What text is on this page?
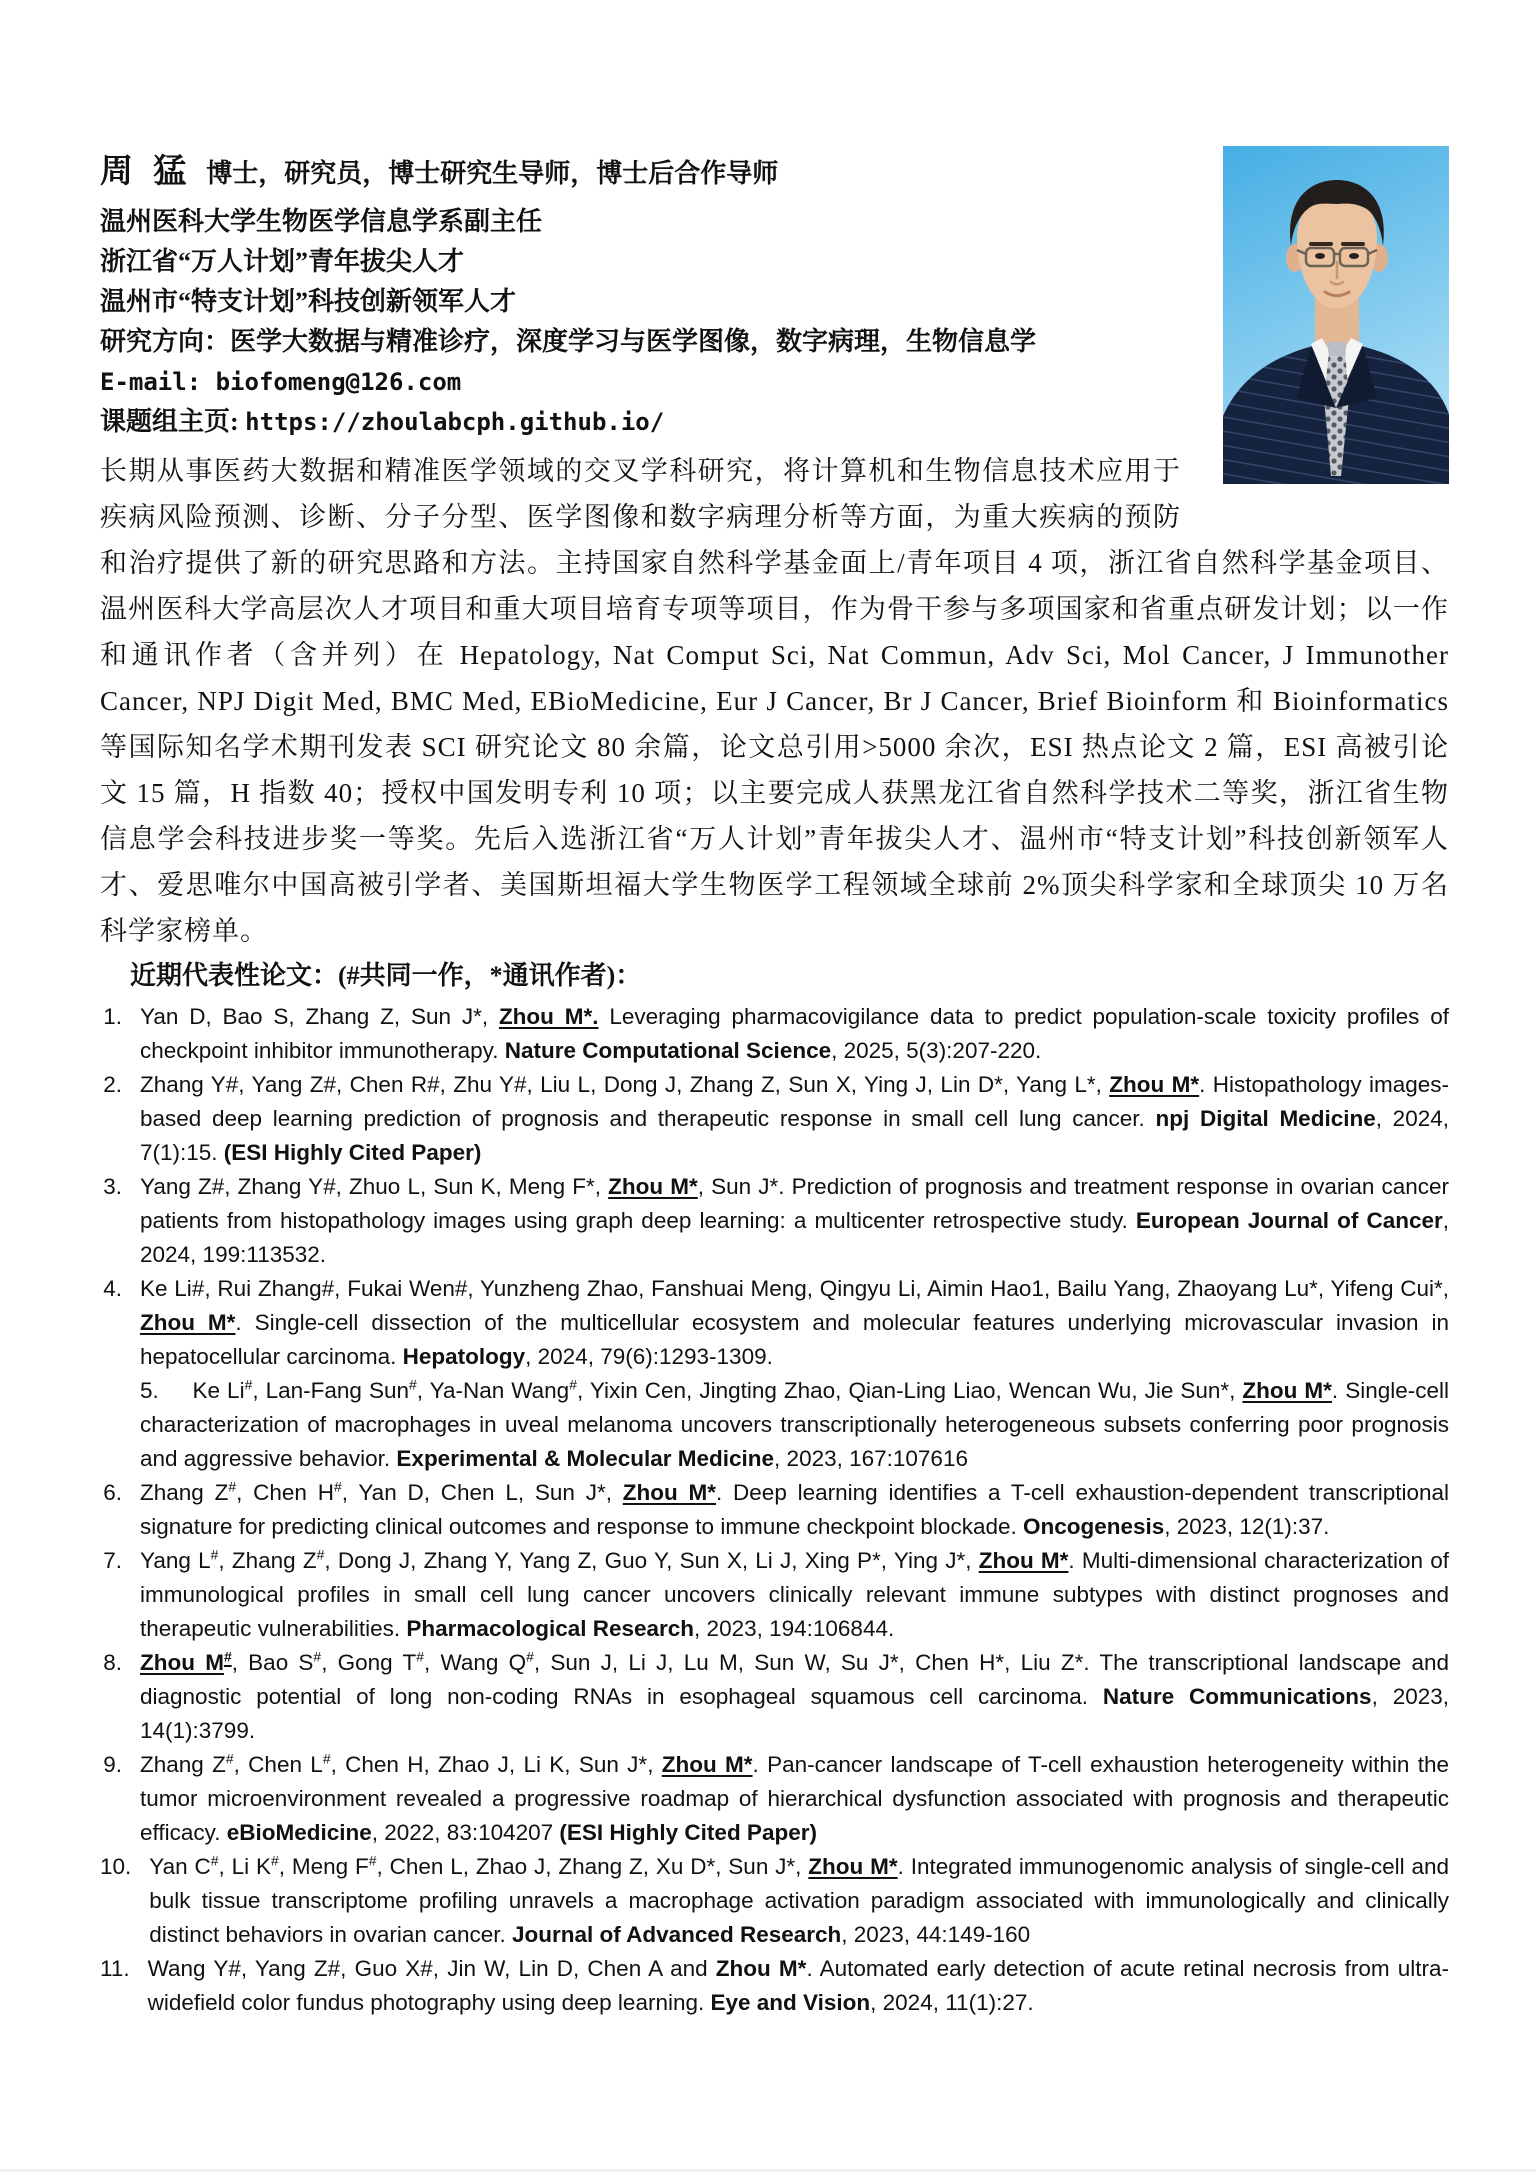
周 猛 博士，研究员，博士研究生导师，博士后合作导师
温州医科大学生物医学信息学系副主任
浙江省“万人计划”青年拔尖人才
温州市“特支计划”科技创新领军人才
研究方向：医学大数据与精准诊疗，深度学习与医学图像，数字病理，生物信息学
E-mail: biofomeng@126.com
课题组主页: https://zhoulabcph.github.io/

长期从事医药大数据和精准医学领域的交叉学科研究，将计算机和生物信息技术应用于疾病风险预测、诊断、分子分型、医学图像和数字病理分析等方面，为重大疾病的预防和治疗提供了新的研究思路和方法。主持国家自然科学基金面上/青年项目 4 项，浙江省自然科学基金项目、 温州医科大学高层次人才项目和重大项目培育专项等项目，作为骨干参与多项国家和省重点研发计划；以一作和通讯作者（含并列）在 Hepatology, Nat Comput Sci, Nat Commun, Adv Sci, Mol Cancer, J Immunother Cancer, NPJ Digit Med, BMC Med, EBioMedicine, Eur J Cancer, Br J Cancer, Brief Bioinform 和 Bioinformatics 等国际知名学术期刊发表 SCI 研究论文 80 余篇，论文总引用>5000 余次，ESI 热点论文 2 篇，ESI 高被引论文 15 篇，H 指数 40；授权中国发明专利 10 项；以主要完成人获黑龙江省自然科学技术二等奖，浙江省生物信息学会科技进步奖一等奖。先后入选浙江省“万人计划”青年拔尖人才、温州市“特支计划”科技创新领军人才、爱思唯尔中国高被引学者、美国斯坦福大学生物医学工程领域全球前 2%顶尖科学家和全球顶尖 10 万名科学家榜单。

近期代表性论文：(#共同一作，*通讯作者)：
1. Yan D, Bao S, Zhang Z, Sun J*, Zhou M*. Leveraging pharmacovigilance data to predict population-scale toxicity profiles of checkpoint inhibitor immunotherapy. Nature Computational Science, 2025, 5(3):207-220.
2. Zhang Y#, Yang Z#, Chen R#, Zhu Y#, Liu L, Dong J, Zhang Z, Sun X, Ying J, Lin D*, Yang L*, Zhou M*. Histopathology images-based deep learning prediction of prognosis and therapeutic response in small cell lung cancer. npj Digital Medicine, 2024, 7(1):15. (ESI Highly Cited Paper)
3. Yang Z#, Zhang Y#, Zhuo L, Sun K, Meng F*, Zhou M*, Sun J*. Prediction of prognosis and treatment response in ovarian cancer patients from histopathology images using graph deep learning: a multicenter retrospective study. European Journal of Cancer, 2024, 199:113532.
4. Ke Li#, Rui Zhang#, Fukai Wen#, Yunzheng Zhao, Fanshuai Meng, Qingyu Li, Aimin Hao1, Bailu Yang, Zhaoyang Lu*, Yifeng Cui*, Zhou M*. Single-cell dissection of the multicellular ecosystem and molecular features underlying microvascular invasion in hepatocellular carcinoma. Hepatology, 2024, 79(6):1293-1309.
5.   Ke Li#, Lan-Fang Sun#, Ya-Nan Wang#, Yixin Cen, Jingting Zhao, Qian-Ling Liao, Wencan Wu, Jie Sun*, Zhou M*. Single-cell characterization of macrophages in uveal melanoma uncovers transcriptionally heterogeneous subsets conferring poor prognosis and aggressive behavior. Experimental & Molecular Medicine, 2023, 167:107616
6. Zhang Z#, Chen H#, Yan D, Chen L, Sun J*, Zhou M*. Deep learning identifies a T-cell exhaustion-dependent transcriptional signature for predicting clinical outcomes and response to immune checkpoint blockade. Oncogenesis, 2023, 12(1):37.
7. Yang L#, Zhang Z#, Dong J, Zhang Y, Yang Z, Guo Y, Sun X, Li J, Xing P*, Ying J*, Zhou M*. Multi-dimensional characterization of immunological profiles in small cell lung cancer uncovers clinically relevant immune subtypes with distinct prognoses and therapeutic vulnerabilities. Pharmacological Research, 2023, 194:106844.
8. Zhou M#, Bao S#, Gong T#, Wang Q#, Sun J, Li J, Lu M, Sun W, Su J*, Chen H*, Liu Z*. The transcriptional landscape and diagnostic potential of long non-coding RNAs in esophageal squamous cell carcinoma. Nature Communications, 2023, 14(1):3799.
9. Zhang Z#, Chen L#, Chen H, Zhao J, Li K, Sun J*, Zhou M*. Pan-cancer landscape of T-cell exhaustion heterogeneity within the tumor microenvironment revealed a progressive roadmap of hierarchical dysfunction associated with prognosis and therapeutic efficacy. eBioMedicine, 2022, 83:104207 (ESI Highly Cited Paper)
10. Yan C#, Li K#, Meng F#, Chen L, Zhao J, Zhang Z, Xu D*, Sun J*, Zhou M*. Integrated immunogenomic analysis of single-cell and bulk tissue transcriptome profiling unravels a macrophage activation paradigm associated with immunologically and clinically distinct behaviors in ovarian cancer. Journal of Advanced Research, 2023, 44:149-160
11. Wang Y#, Yang Z#, Guo X#, Jin W, Lin D, Chen A and Zhou M*. Automated early detection of acute retinal necrosis from ultra-widefield color fundus photography using deep learning. Eye and Vision, 2024, 11(1):27.
